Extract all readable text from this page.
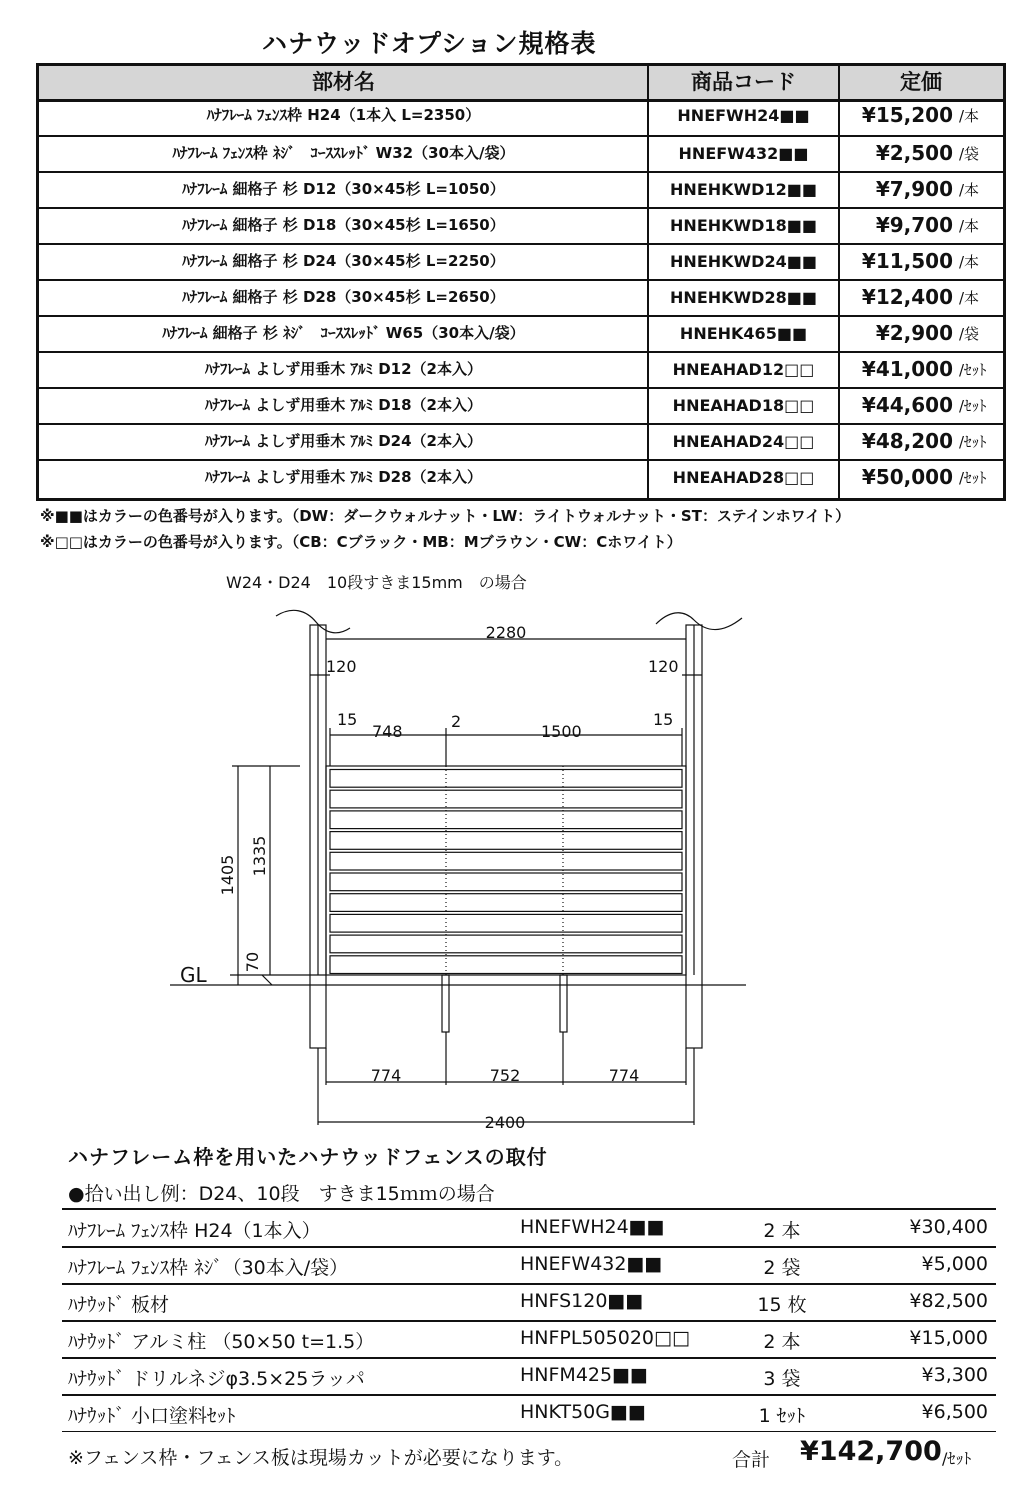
ハナウッドオプション規格表
部材名	商品コード	定価
ﾊﾅﾌﾚｰﾑ ﾌｪﾝｽ枠 H24（1本入 L=2350）	HNEFWH24■■	¥15,200 /本
ﾊﾅﾌﾚｰﾑ ﾌｪﾝｽ枠 ﾈｼﾞ　ｺｰｽｽﾚｯﾄﾞ W32（30本入/袋）	HNEFW432■■	¥2,500 /袋
ﾊﾅﾌﾚｰﾑ 細格子 杉 D12（30×45杉 L=1050）	HNEHKWD12■■	¥7,900 /本
ﾊﾅﾌﾚｰﾑ 細格子 杉 D18（30×45杉 L=1650）	HNEHKWD18■■	¥9,700 /本
ﾊﾅﾌﾚｰﾑ 細格子 杉 D24（30×45杉 L=2250）	HNEHKWD24■■	¥11,500 /本
ﾊﾅﾌﾚｰﾑ 細格子 杉 D28（30×45杉 L=2650）	HNEHKWD28■■	¥12,400 /本
ﾊﾅﾌﾚｰﾑ 細格子 杉 ﾈｼﾞ　ｺｰｽｽﾚｯﾄﾞ W65（30本入/袋）	HNEHK465■■	¥2,900 /袋
ﾊﾅﾌﾚｰﾑ よしず用垂木 ｱﾙﾐ D12（2本入）	HNEAHAD12□□	¥41,000 /ｾｯﾄ
ﾊﾅﾌﾚｰﾑ よしず用垂木 ｱﾙﾐ D18（2本入）	HNEAHAD18□□	¥44,600 /ｾｯﾄ
ﾊﾅﾌﾚｰﾑ よしず用垂木 ｱﾙﾐ D24（2本入）	HNEAHAD24□□	¥48,200 /ｾｯﾄ
ﾊﾅﾌﾚｰﾑ よしず用垂木 ｱﾙﾐ D28（2本入）	HNEAHAD28□□	¥50,000 /ｾｯﾄ
※■■はカラーの色番号が入ります。（DW：ダークウォルナット・LW：ライトウォルナット・ST：ステインホワイト）
※□□はカラーの色番号が入ります。（CB：Cブラック・MB：Mブラウン・CW：Cホワイト）
W24・D24　10段すきま15mm　の場合
2280
120	120
15	15
748
2
1500
1405 1335
70
GL
774	752	774
2400
ハナフレーム枠を用いたハナウッドフェンスの取付
●拾い出し例：D24、10段　すきま15ｍｍの場合
ﾊﾅﾌﾚｰﾑ ﾌｪﾝｽ枠 H24（1本入）	HNEFWH24■■	2 本	¥30,400
ﾊﾅﾌﾚｰﾑ ﾌｪﾝｽ枠 ﾈｼﾞ（30本入/袋）	HNEFW432■■	2 袋	¥5,000
ﾊﾅｳｯﾄﾞ 板材	HNFS120■■	15 枚	¥82,500
ﾊﾅｳｯﾄﾞ アルミ柱 （50×50 t=1.5）	HNFPL505020□□	2 本	¥15,000
ﾊﾅｳｯﾄﾞ ドリルネジφ3.5×25ラッパ	HNFM425■■	3 袋	¥3,300
ﾊﾅｳｯﾄﾞ 小口塗料ｾｯﾄ	HNKT50G■■	1 ｾｯﾄ	¥6,500
※フェンス枠・フェンス板は現場カットが必要になります。	合計 ¥142,700 /ｾｯﾄ
